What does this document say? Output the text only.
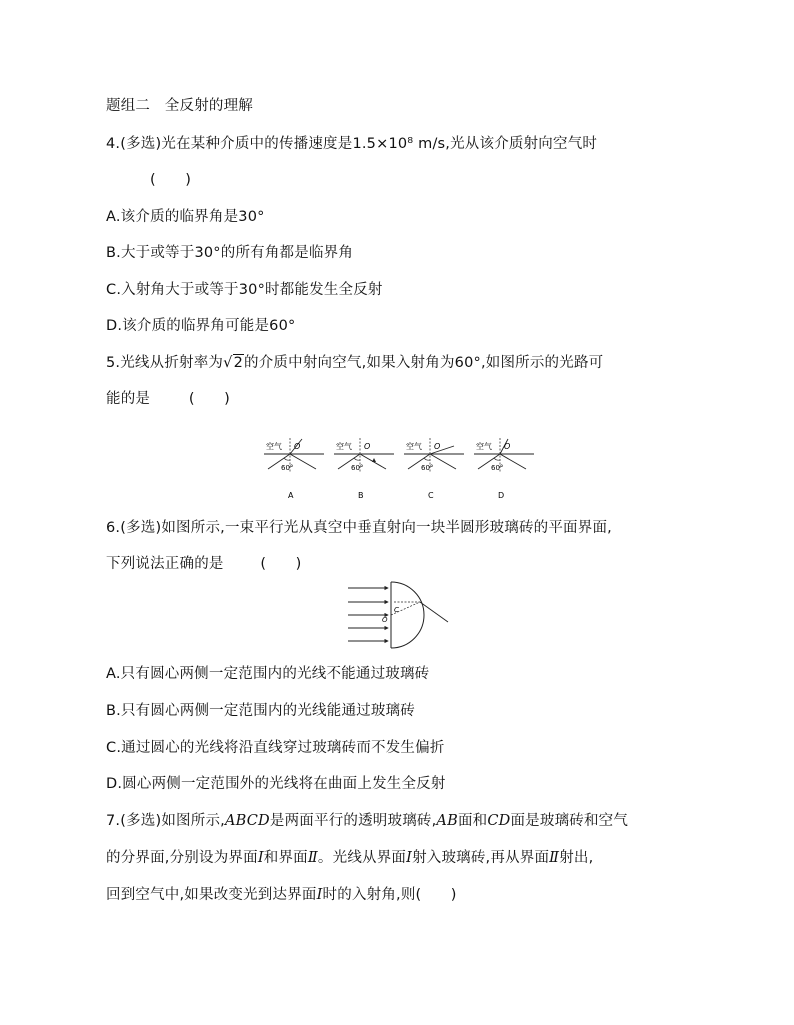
题组二　全反射的理解
4.(多选)光在某种介质中的传播速度是1.5×10⁸ m/s,光从该介质射向空气时
(　　)
A.该介质的临界角是30°
B.大于或等于30°的所有角都是临界角
C.入射角大于或等于30°时都能发生全反射
D.该介质的临界角可能是60°
5.光线从折射率为√2的介质中射向空气,如果入射角为60°,如图所示的光路可
能的是	(　　)
空气 O
60°
A
空气 O
60°
B
空气 O
60°
C
空气 O
60°
D
6.(多选)如图所示,一束平行光从真空中垂直射向一块半圆形玻璃砖的平面界面,
下列说法正确的是	(　　)
C
O
A.只有圆心两侧一定范围内的光线不能通过玻璃砖
B.只有圆心两侧一定范围内的光线能通过玻璃砖
C.通过圆心的光线将沿直线穿过玻璃砖而不发生偏折
D.圆心两侧一定范围外的光线将在曲面上发生全反射
7.(多选)如图所示,ABCD是两面平行的透明玻璃砖,AB面和CD面是玻璃砖和空气
的分界面,分别设为界面Ⅰ和界面Ⅱ。光线从界面Ⅰ射入玻璃砖,再从界面Ⅱ射出,
回到空气中,如果改变光到达界面Ⅰ时的入射角,则(　　)
